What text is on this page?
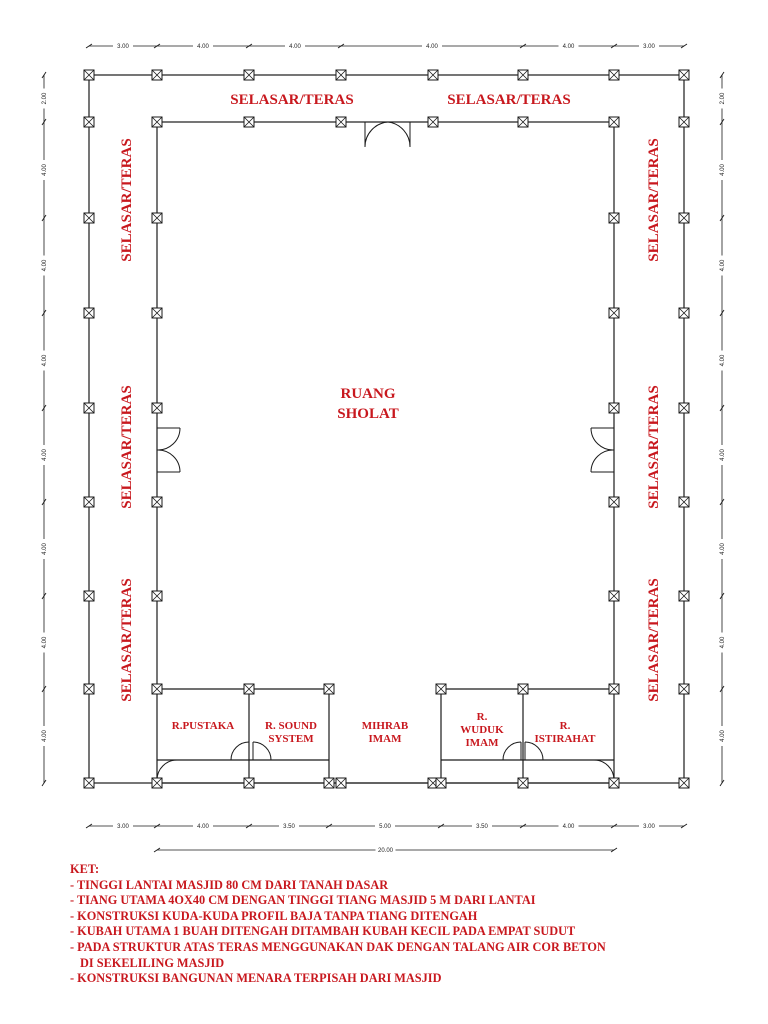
3.00	4.00	4.00	4.00	4.00	3.00
3.00	4.00	3.50	5.00	3.50	4.00	3.00
20.00
2.00
4.00
4.00
4.00
4.00
4.00
4.00
4.00
2.00
4.00
4.00
4.00
4.00
4.00
4.00
4.00
SELASAR/TERAS	SELASAR/TERAS
SELASAR/TERAS
SELASAR/TERAS
SELASAR/TERAS
SELASAR/TERAS
SELASAR/TERAS
SELASAR/TERAS
RUANG
SHOLAT
R.PUSTAKA	R. SOUND
SYSTEM
MIHRAB
IMAM
R.
WUDUK
IMAM
R.
ISTIRAHAT
KET:
- TINGGI LANTAI MASJID 80 CM DARI TANAH DASAR
- TIANG UTAMA 4OX40 CM DENGAN TINGGI TIANG MASJID 5 M DARI LANTAI
- KONSTRUKSI KUDA-KUDA PROFIL BAJA TANPA TIANG DITENGAH
- KUBAH UTAMA 1 BUAH DITENGAH DITAMBAH KUBAH KECIL PADA EMPAT SUDUT
- PADA STRUKTUR ATAS TERAS MENGGUNAKAN DAK DENGAN TALANG AIR COR BETON
DI SEKELILING MASJID
- KONSTRUKSI BANGUNAN MENARA TERPISAH DARI MASJID
